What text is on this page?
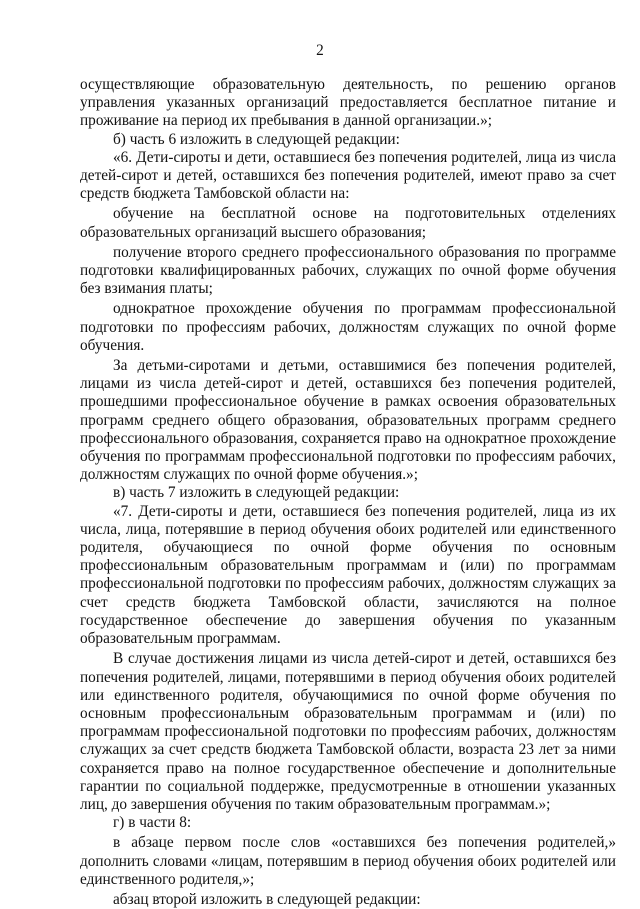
2

осуществляющие образовательную деятельность, по решению органов управления указанных организаций предоставляется бесплатное питание и проживание на период их пребывания в данной организации.»;

б) часть 6 изложить в следующей редакции:

«6. Дети-сироты и дети, оставшиеся без попечения родителей, лица из числа детей-сирот и детей, оставшихся без попечения родителей, имеют право за счет средств бюджета Тамбовской области на:

обучение на бесплатной основе на подготовительных отделениях образовательных организаций высшего образования;

получение второго среднего профессионального образования по программе подготовки квалифицированных рабочих, служащих по очной форме обучения без взимания платы;

однократное прохождение обучения по программам профессиональной подготовки по профессиям рабочих, должностям служащих по очной форме обучения.

За детьми-сиротами и детьми, оставшимися без попечения родителей, лицами из числа детей-сирот и детей, оставшихся без попечения родителей, прошедшими профессиональное обучение в рамках освоения образовательных программ среднего общего образования, образовательных программ среднего профессионального образования, сохраняется право на однократное прохождение обучения по программам профессиональной подготовки по профессиям рабочих, должностям служащих по очной форме обучения.»;

в) часть 7 изложить в следующей редакции:

«7. Дети-сироты и дети, оставшиеся без попечения родителей, лица из их числа, лица, потерявшие в период обучения обоих родителей или единственного родителя, обучающиеся по очной форме обучения по основным профессиональным образовательным программам и (или) по программам профессиональной подготовки по профессиям рабочих, должностям служащих за счет средств бюджета Тамбовской области, зачисляются на полное государственное обеспечение до завершения обучения по указанным образовательным программам.

В случае достижения лицами из числа детей-сирот и детей, оставшихся без попечения родителей, лицами, потерявшими в период обучения обоих родителей или единственного родителя, обучающимися по очной форме обучения по основным профессиональным образовательным программам и (или) по программам профессиональной подготовки по профессиям рабочих, должностям служащих за счет средств бюджета Тамбовской области, возраста 23 лет за ними сохраняется право на полное государственное обеспечение и дополнительные гарантии по социальной поддержке, предусмотренные в отношении указанных лиц, до завершения обучения по таким образовательным программам.»;

г) в части 8:

в абзаце первом после слов «оставшихся без попечения родителей,» дополнить словами «лицам, потерявшим в период обучения обоих родителей или единственного родителя,»;

абзац второй изложить в следующей редакции:
